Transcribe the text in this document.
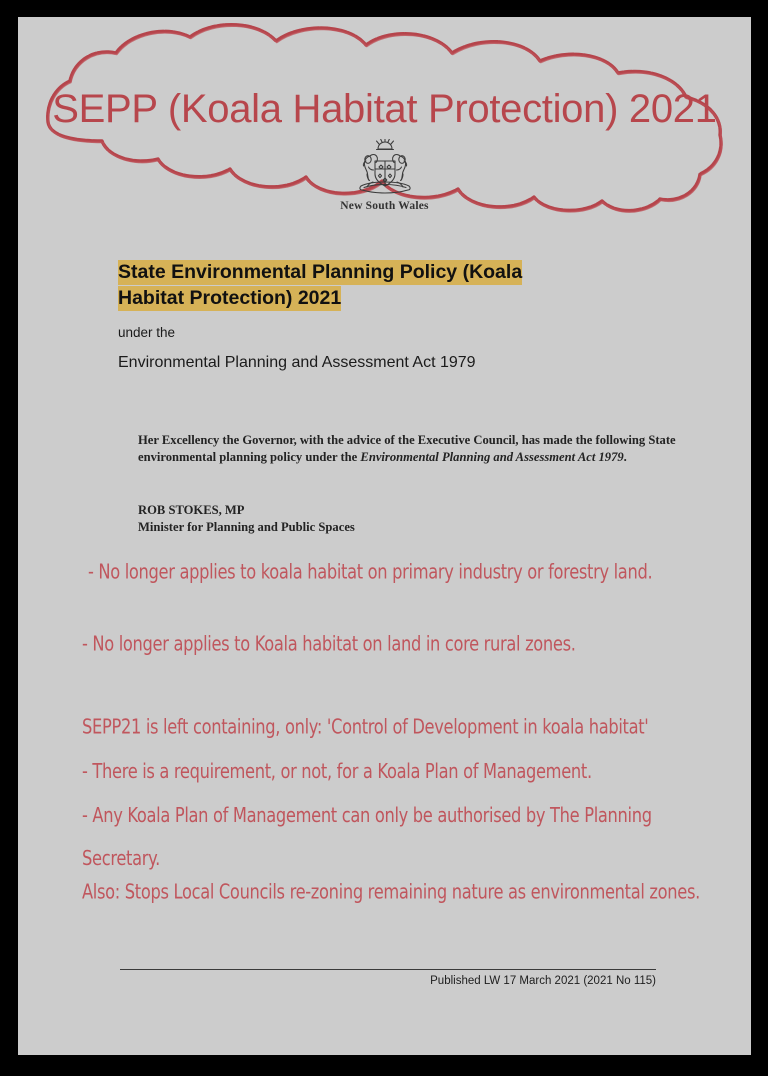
SEPP (Koala Habitat Protection) 2021
New South Wales
State Environmental Planning Policy (Koala
Habitat Protection) 2021
under the
Environmental Planning and Assessment Act 1979

Her Excellency the Governor, with the advice of the Executive Council, has made the following State environmental planning policy under the Environmental Planning and Assessment Act 1979.

ROB STOKES, MP
Minister for Planning and Public Spaces
- No longer applies to koala habitat on primary industry or forestry land.
- No longer applies to Koala habitat on land in core rural zones.
SEPP21 is left containing, only: 'Control of Development in koala habitat'
- There is a requirement, or not, for a Koala Plan of Management.
- Any Koala Plan of Management can only be authorised by The Planning
Secretary.
Also: Stops Local Councils re-zoning remaining nature as environmental zones.
Published LW 17 March 2021 (2021 No 115)
